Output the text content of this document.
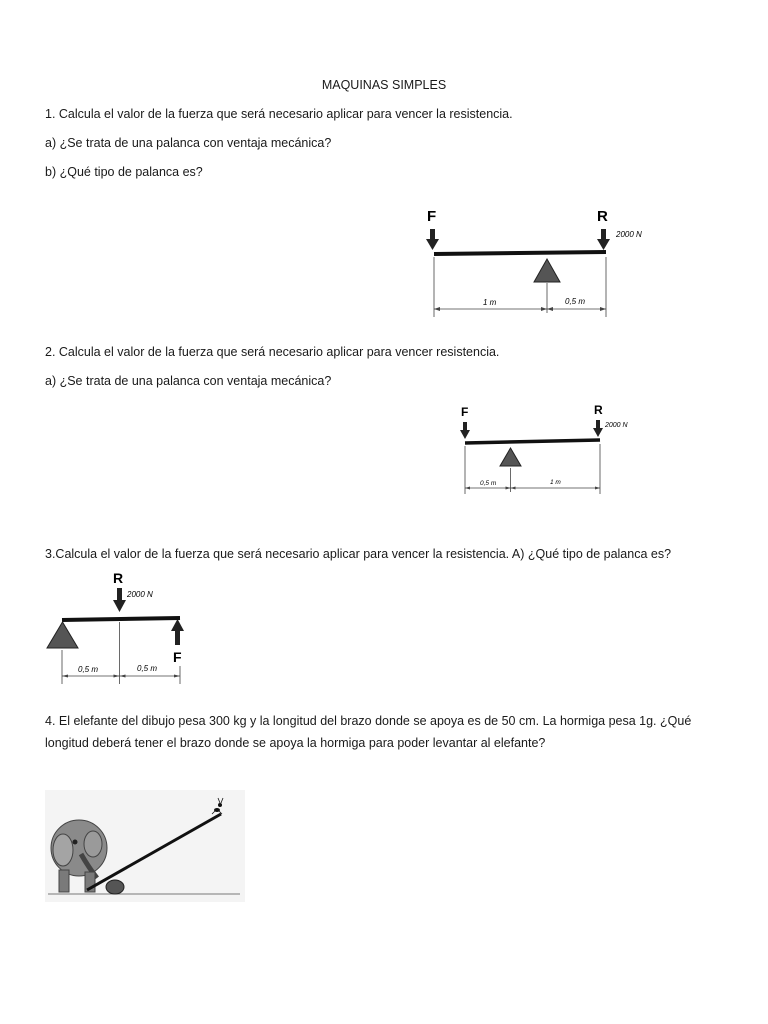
MAQUINAS SIMPLES
1. Calcula el valor de la fuerza que será necesario aplicar para vencer la resistencia.
a) ¿Se trata de una palanca con ventaja mecánica?
b) ¿Qué tipo de palanca es?
F	R
2000 N
1 m	0,5 m
2. Calcula el valor de la fuerza que será necesario aplicar para vencer resistencia.
a) ¿Se trata de una palanca con ventaja mecánica?
F	R
2000 N
0,5 m	1 m
3.Calcula el valor de la fuerza que será necesario aplicar para vencer la resistencia. A) ¿Qué tipo de palanca es?
R
2000 N
F
0,5 m	0,5 m
4. El elefante del dibujo pesa 300 kg y la longitud del brazo donde se apoya es de 50 cm. La hormiga pesa 1g. ¿Qué longitud deberá tener el brazo donde se apoya la hormiga para poder levantar al elefante?
